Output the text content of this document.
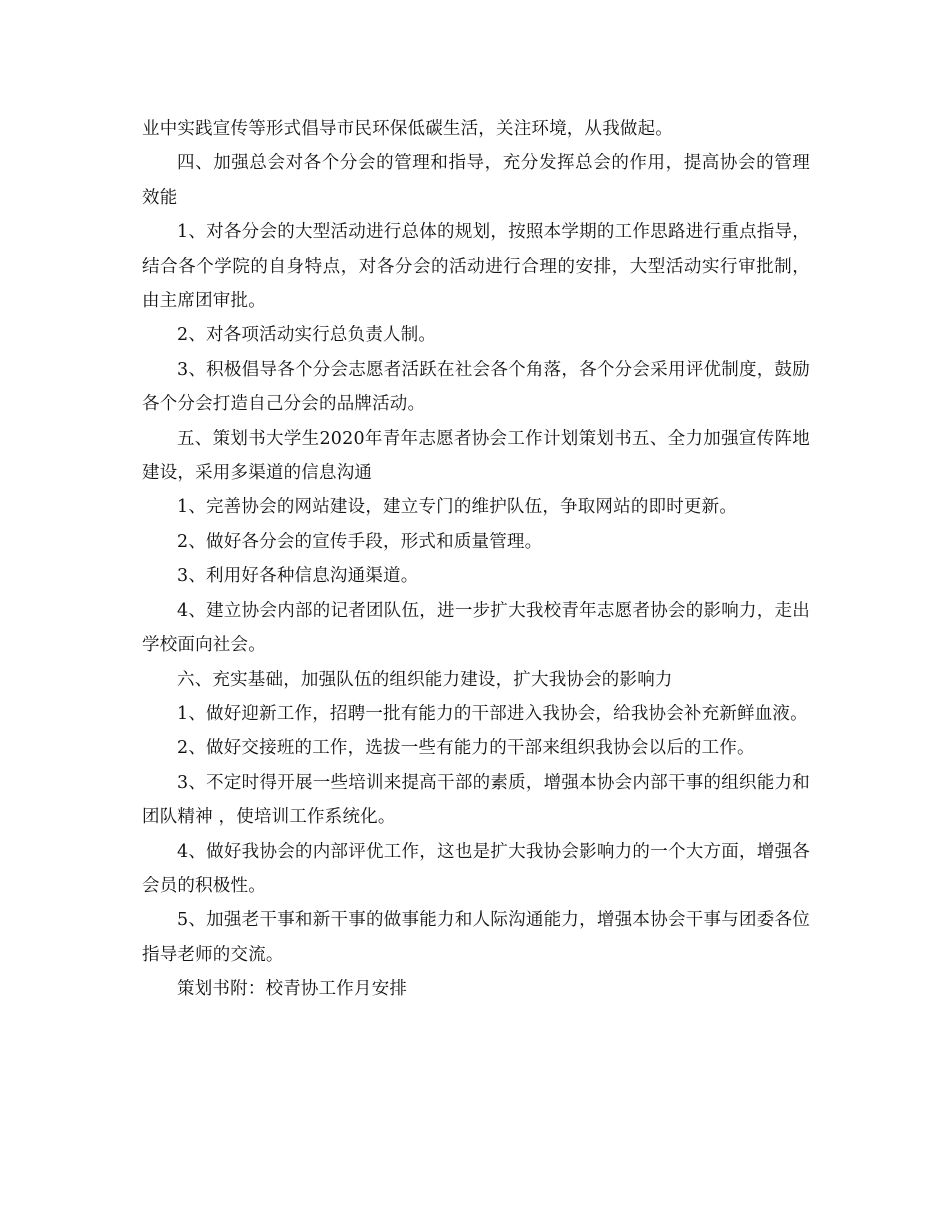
业中实践宣传等形式倡导市民环保低碳生活，关注环境，从我做起。

四、加强总会对各个分会的管理和指导，充分发挥总会的作用，提高协会的管理效能

1、对各分会的大型活动进行总体的规划，按照本学期的工作思路进行重点指导，结合各个学院的自身特点，对各分会的活动进行合理的安排，大型活动实行审批制，由主席团审批。

2、对各项活动实行总负责人制。

3、积极倡导各个分会志愿者活跃在社会各个角落，各个分会采用评优制度，鼓励各个分会打造自己分会的品牌活动。

五、策划书大学生2020年青年志愿者协会工作计划策划书五、全力加强宣传阵地建设，采用多渠道的信息沟通

1、完善协会的网站建设，建立专门的维护队伍，争取网站的即时更新。

2、做好各分会的宣传手段，形式和质量管理。

3、利用好各种信息沟通渠道。

4、建立协会内部的记者团队伍，进一步扩大我校青年志愿者协会的影响力，走出学校面向社会。

六、充实基础，加强队伍的组织能力建设，扩大我协会的影响力

1、做好迎新工作，招聘一批有能力的干部进入我协会，给我协会补充新鲜血液。

2、做好交接班的工作，选拔一些有能力的干部来组织我协会以后的工作。

3、不定时得开展一些培训来提高干部的素质，增强本协会内部干事的组织能力和团队精神 ，使培训工作系统化。

4、做好我协会的内部评优工作，这也是扩大我协会影响力的一个大方面，增强各会员的积极性。

5、加强老干事和新干事的做事能力和人际沟通能力，增强本协会干事与团委各位指导老师的交流。

策划书附：校青协工作月安排
